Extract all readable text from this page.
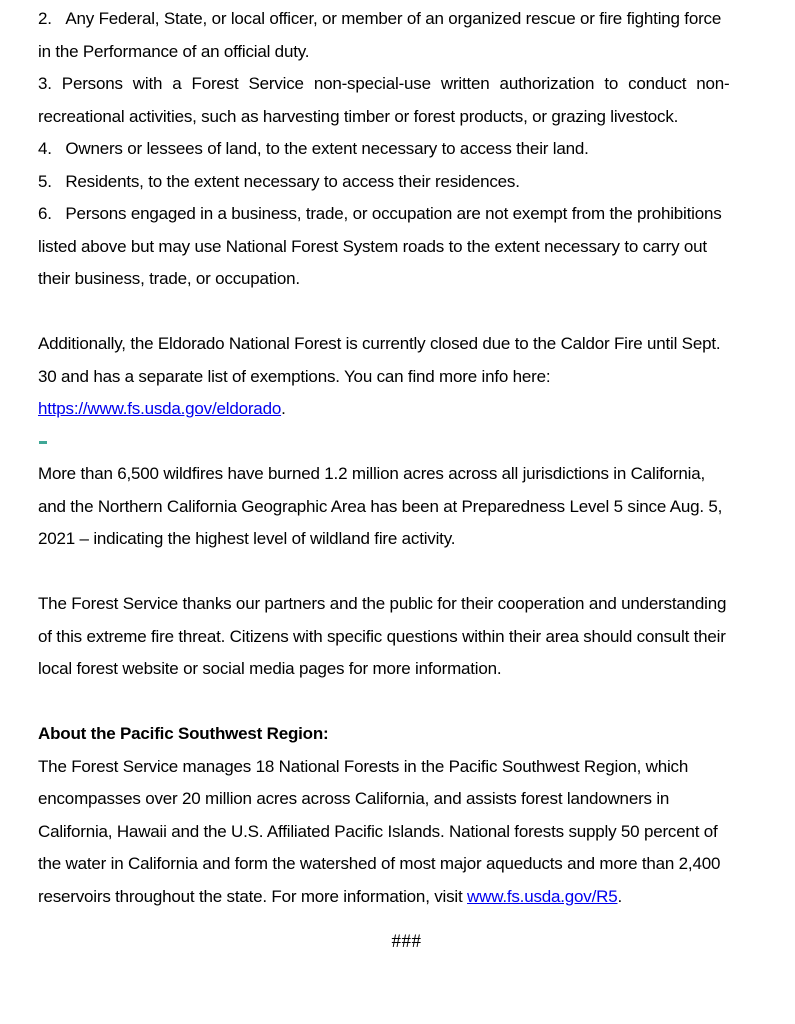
2.   Any Federal, State, or local officer, or member of an organized rescue or fire fighting force
in the Performance of an official duty.
3. Persons with a Forest Service non-special-use written authorization to conduct non-
recreational activities, such as harvesting timber or forest products, or grazing livestock.
4.   Owners or lessees of land, to the extent necessary to access their land.
5.   Residents, to the extent necessary to access their residences.
6.   Persons engaged in a business, trade, or occupation are not exempt from the prohibitions
listed above but may use National Forest System roads to the extent necessary to carry out
their business, trade, or occupation.
Additionally, the Eldorado National Forest is currently closed due to the Caldor Fire until Sept.
30 and has a separate list of exemptions. You can find more info here:
https://www.fs.usda.gov/eldorado.
More than 6,500 wildfires have burned 1.2 million acres across all jurisdictions in California,
and the Northern California Geographic Area has been at Preparedness Level 5 since Aug. 5,
2021 – indicating the highest level of wildland fire activity.
The Forest Service thanks our partners and the public for their cooperation and understanding
of this extreme fire threat. Citizens with specific questions within their area should consult their
local forest website or social media pages for more information.
About the Pacific Southwest Region:
The Forest Service manages 18 National Forests in the Pacific Southwest Region, which
encompasses over 20 million acres across California, and assists forest landowners in
California, Hawaii and the U.S. Affiliated Pacific Islands. National forests supply 50 percent of
the water in California and form the watershed of most major aqueducts and more than 2,400
reservoirs throughout the state. For more information, visit www.fs.usda.gov/R5.
###
